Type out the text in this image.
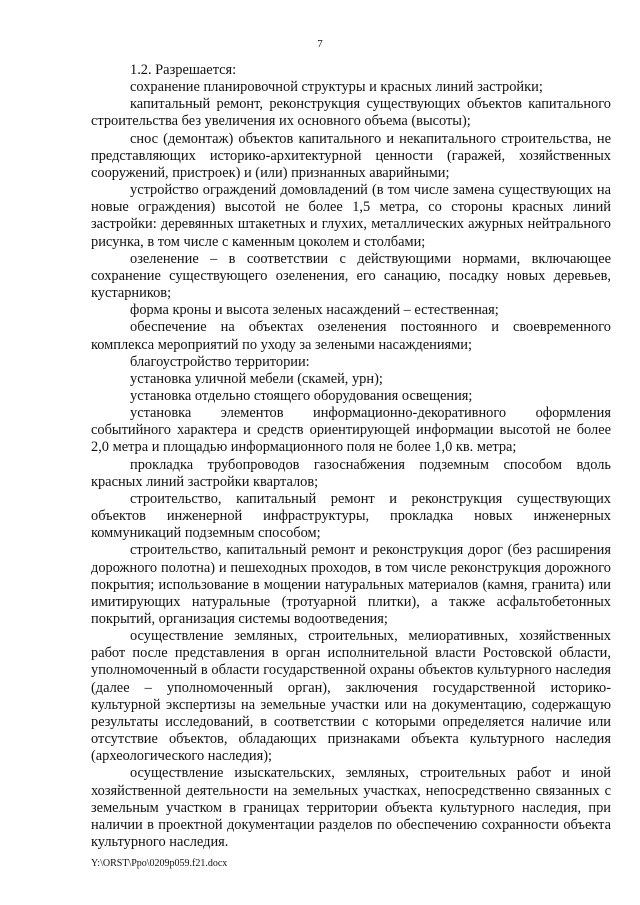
7

1.2. Разрешается:

сохранение планировочной структуры и красных линий застройки;

капитальный ремонт, реконструкция существующих объектов капитального строительства без увеличения их основного объема (высоты);

снос (демонтаж) объектов капитального и некапитального строительства, не представляющих историко-архитектурной ценности (гаражей, хозяйственных сооружений, пристроек) и (или) признанных аварийными;

устройство ограждений домовладений (в том числе замена существующих на новые ограждения) высотой не более 1,5 метра, со стороны красных линий застройки: деревянных штакетных и глухих, металлических ажурных нейтрального рисунка, в том числе с каменным цоколем и столбами;

озеленение – в соответствии с действующими нормами, включающее сохранение существующего озеленения, его санацию, посадку новых деревьев, кустарников;

форма кроны и высота зеленых насаждений – естественная;

обеспечение на объектах озеленения постоянного и своевременного комплекса мероприятий по уходу за зелеными насаждениями;

благоустройство территории:

установка уличной мебели (скамей, урн);

установка отдельно стоящего оборудования освещения;

установка элементов информационно-декоративного оформления событийного характера и средств ориентирующей информации высотой не более 2,0 метра и площадью информационного поля не более 1,0 кв. метра;

прокладка трубопроводов газоснабжения подземным способом вдоль красных линий застройки кварталов;

строительство, капитальный ремонт и реконструкция существующих объектов инженерной инфраструктуры, прокладка новых инженерных коммуникаций подземным способом;

строительство, капитальный ремонт и реконструкция дорог (без расширения дорожного полотна) и пешеходных проходов, в том числе реконструкция дорожного покрытия; использование в мощении натуральных материалов (камня, гранита) или имитирующих натуральные (тротуарной плитки), а также асфальтобетонных покрытий, организация системы водоотведения;

осуществление земляных, строительных, мелиоративных, хозяйственных работ после представления в орган исполнительной власти Ростовской области, уполномоченный в области государственной охраны объектов культурного наследия (далее – уполномоченный орган), заключения государственной историко-культурной экспертизы на земельные участки или на документацию, содержащую результаты исследований, в соответствии с которыми определяется наличие или отсутствие объектов, обладающих признаками объекта культурного наследия (археологического наследия);

осуществление изыскательских, земляных, строительных работ и иной хозяйственной деятельности на земельных участках, непосредственно связанных с земельным участком в границах территории объекта культурного наследия, при наличии в проектной документации разделов по обеспечению сохранности объекта культурного наследия.

Y:\ORST\Ppo\0209p059.f21.docx
